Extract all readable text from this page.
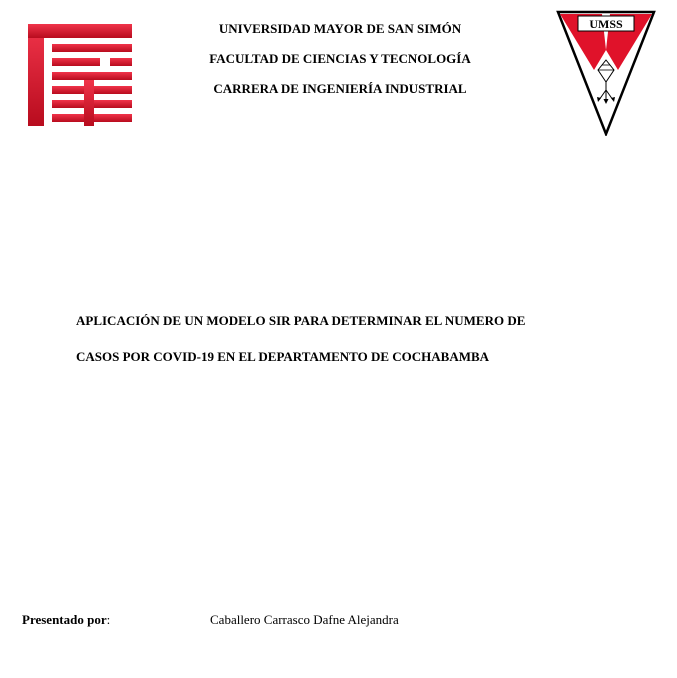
UNIVERSIDAD MAYOR DE SAN SIMÓN
FACULTAD DE CIENCIAS Y TECNOLOGÍA
CARRERA DE INGENIERÍA INDUSTRIAL
UMSS
APLICACIÓN DE UN MODELO SIR PARA DETERMINAR EL NUMERO DE
CASOS POR COVID-19 EN EL DEPARTAMENTO DE COCHABAMBA
Presentado por:	Caballero Carrasco Dafne Alejandra
